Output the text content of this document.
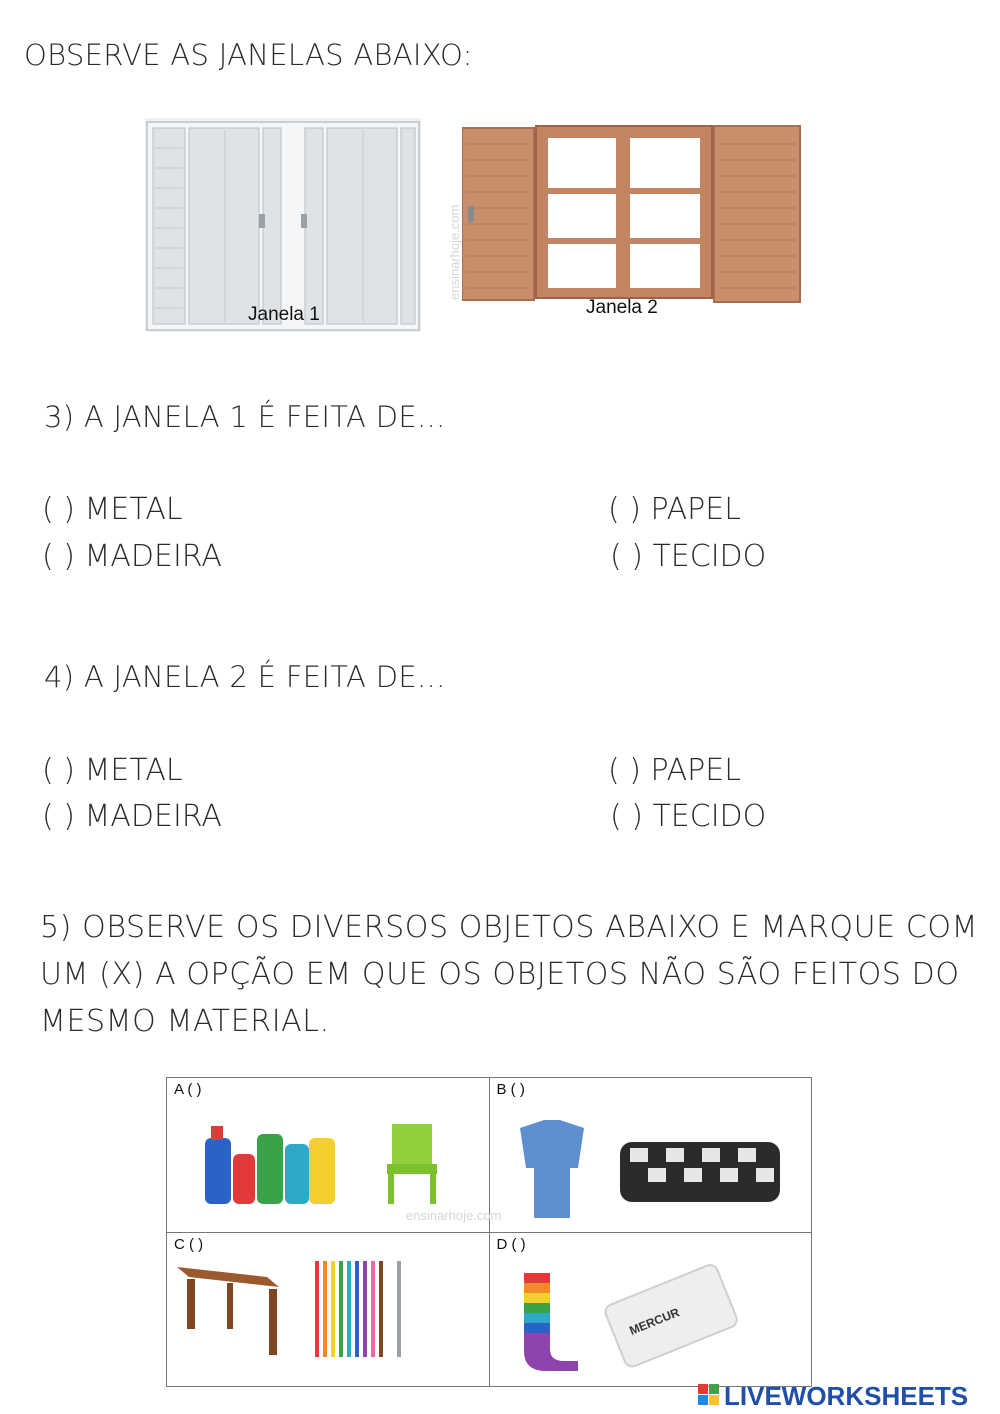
OBSERVE AS JANELAS ABAIXO:
Janela 1	Janela 2
ensinarhoje.com
3) A JANELA 1 É FEITA DE...
( ) METAL
( ) MADEIRA
( ) PAPEL
( ) TECIDO
4) A JANELA 2 É FEITA DE...
( ) METAL
( ) MADEIRA
( ) PAPEL
( ) TECIDO
5) OBSERVE OS DIVERSOS OBJETOS ABAIXO E MARQUE COM UM (X) A OPÇÃO EM QUE OS OBJETOS NÃO SÃO FEITOS DO MESMO MATERIAL.
A ( )	B ( )

C ( )	D ( )
MERCUR
ensinarhoje.com
LIVEWORKSHEETS
